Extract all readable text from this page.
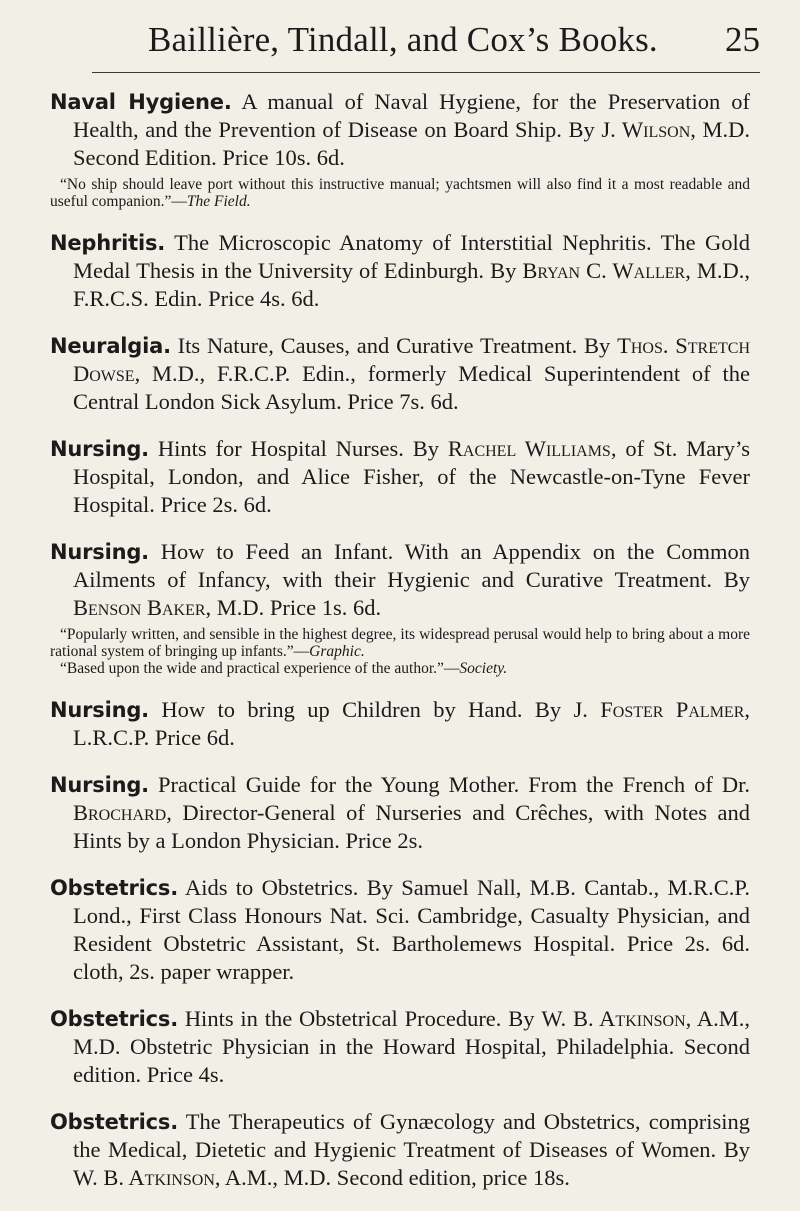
Baillière, Tindall, and Cox’s Books. 25
Naval Hygiene. A manual of Naval Hygiene, for the Preservation of Health, and the Prevention of Disease on Board Ship. By J. Wilson, M.D. Second Edition. Price 10s. 6d.
“No ship should leave port without this instructive manual; yachtsmen will also find it a most readable and useful companion.”—The Field.
Nephritis. The Microscopic Anatomy of Interstitial Nephritis. The Gold Medal Thesis in the University of Edinburgh. By Bryan C. Waller, M.D., F.R.C.S. Edin. Price 4s. 6d.
Neuralgia. Its Nature, Causes, and Curative Treatment. By Thos. Stretch Dowse, M.D., F.R.C.P. Edin., formerly Medical Superintendent of the Central London Sick Asylum. Price 7s. 6d.
Nursing. Hints for Hospital Nurses. By Rachel Williams, of St. Mary’s Hospital, London, and Alice Fisher, of the Newcastle-on-Tyne Fever Hospital. Price 2s. 6d.
Nursing. How to Feed an Infant. With an Appendix on the Common Ailments of Infancy, with their Hygienic and Curative Treatment. By Benson Baker, M.D. Price 1s. 6d.
“Popularly written, and sensible in the highest degree, its widespread perusal would help to bring about a more rational system of bringing up infants.”—Graphic.
“Based upon the wide and practical experience of the author.”—Society.
Nursing. How to bring up Children by Hand. By J. Foster Palmer, L.R.C.P. Price 6d.
Nursing. Practical Guide for the Young Mother. From the French of Dr. Brochard, Director-General of Nurseries and Crêches, with Notes and Hints by a London Physician. Price 2s.
Obstetrics. Aids to Obstetrics. By Samuel Nall, M.B. Cantab., M.R.C.P. Lond., First Class Honours Nat. Sci. Cambridge, Casualty Physician, and Resident Obstetric Assistant, St. Bartholemews Hospital. Price 2s. 6d. cloth, 2s. paper wrapper.
Obstetrics. Hints in the Obstetrical Procedure. By W. B. Atkinson, A.M., M.D. Obstetric Physician in the Howard Hospital, Philadelphia. Second edition. Price 4s.
Obstetrics. The Therapeutics of Gynæcology and Obstetrics, comprising the Medical, Dietetic and Hygienic Treatment of Diseases of Women. By W. B. Atkinson, A.M., M.D. Second edition, price 18s.
